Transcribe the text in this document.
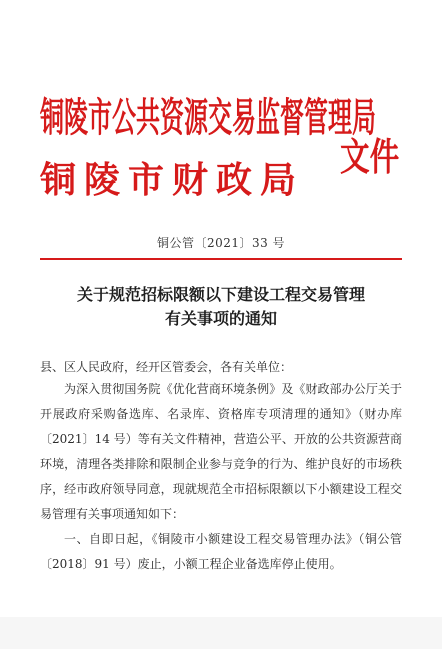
铜陵市公共资源交易监督管理局
铜陵市财政局
文件
铜公管〔2021〕33 号
关于规范招标限额以下建设工程交易管理
有关事项的通知
县、区人民政府，经开区管委会，各有关单位：
为深入贯彻国务院《优化营商环境条例》及《财政部办公厅关于开展政府采购备选库、名录库、资格库专项清理的通知》（财办库〔2021〕14 号）等有关文件精神，营造公平、开放的公共资源营商环境，清理各类排除和限制企业参与竞争的行为、维护良好的市场秩序，经市政府领导同意，现就规范全市招标限额以下小额建设工程交易管理有关事项通知如下：
一、自即日起，《铜陵市小额建设工程交易管理办法》（铜公管〔2018〕91 号）废止，小额工程企业备选库停止使用。
